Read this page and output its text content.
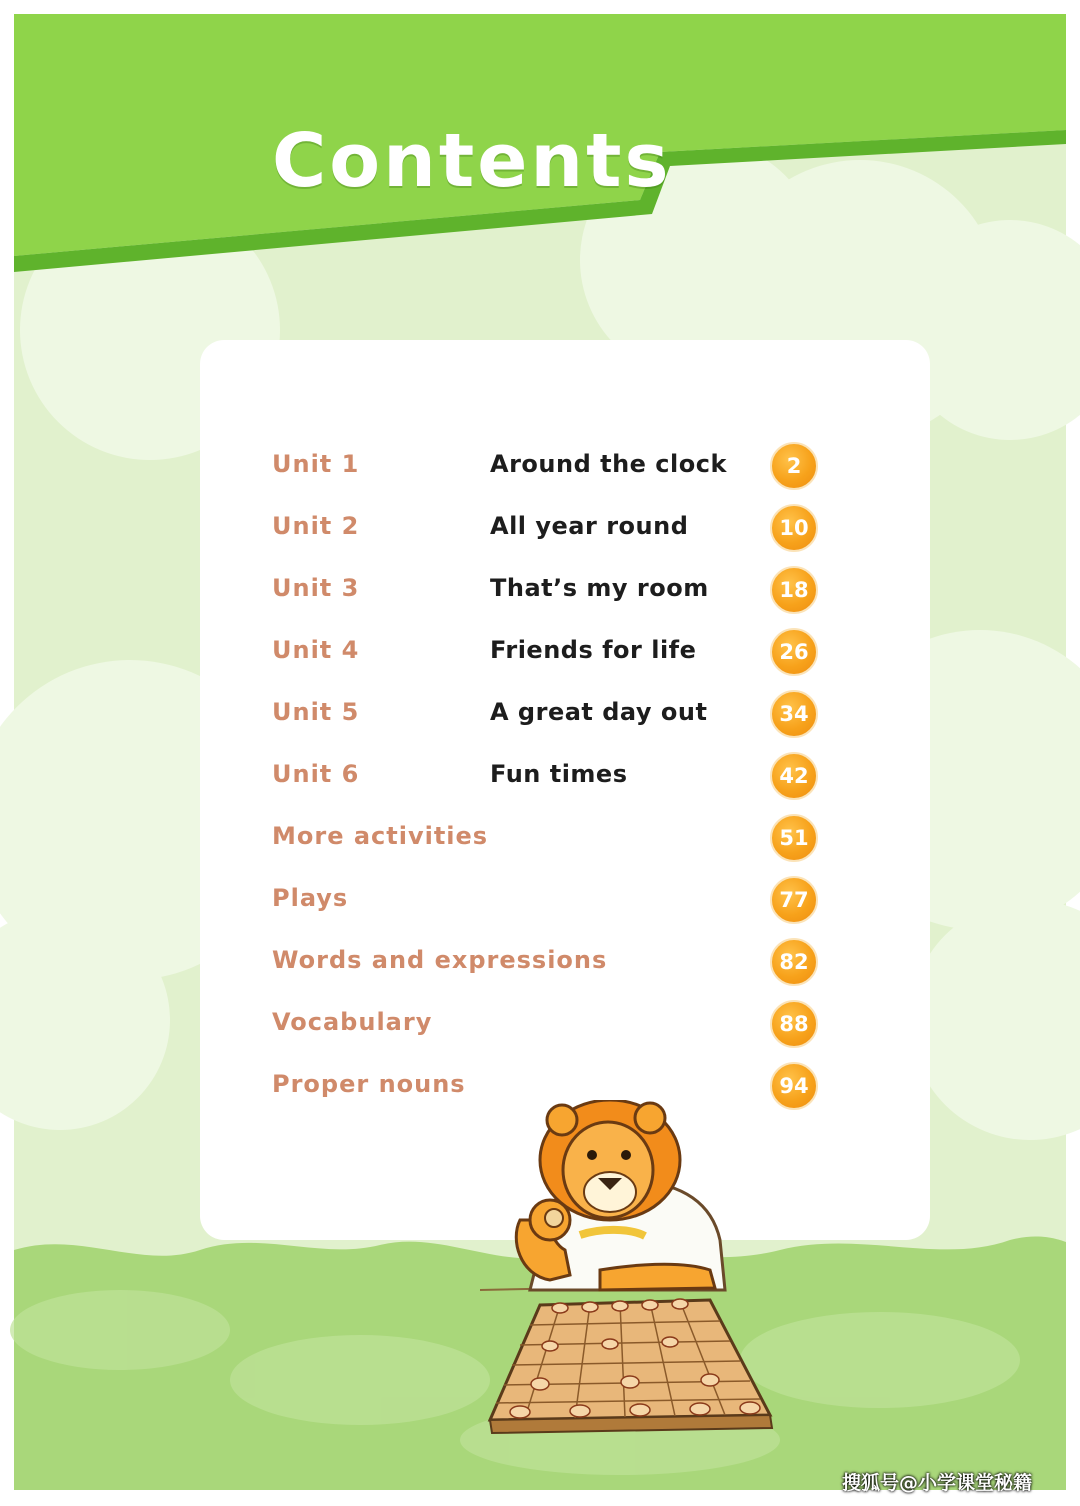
Contents
Unit 1	Around the clock	2
Unit 2	All year round	10
Unit 3	That’s my room	18
Unit 4	Friends for life	26
Unit 5	A great day out	34
Unit 6	Fun times	42
More activities	51
Plays	77
Words and expressions	82
Vocabulary	88
Proper nouns	94
搜狐号@小学课堂秘籍
